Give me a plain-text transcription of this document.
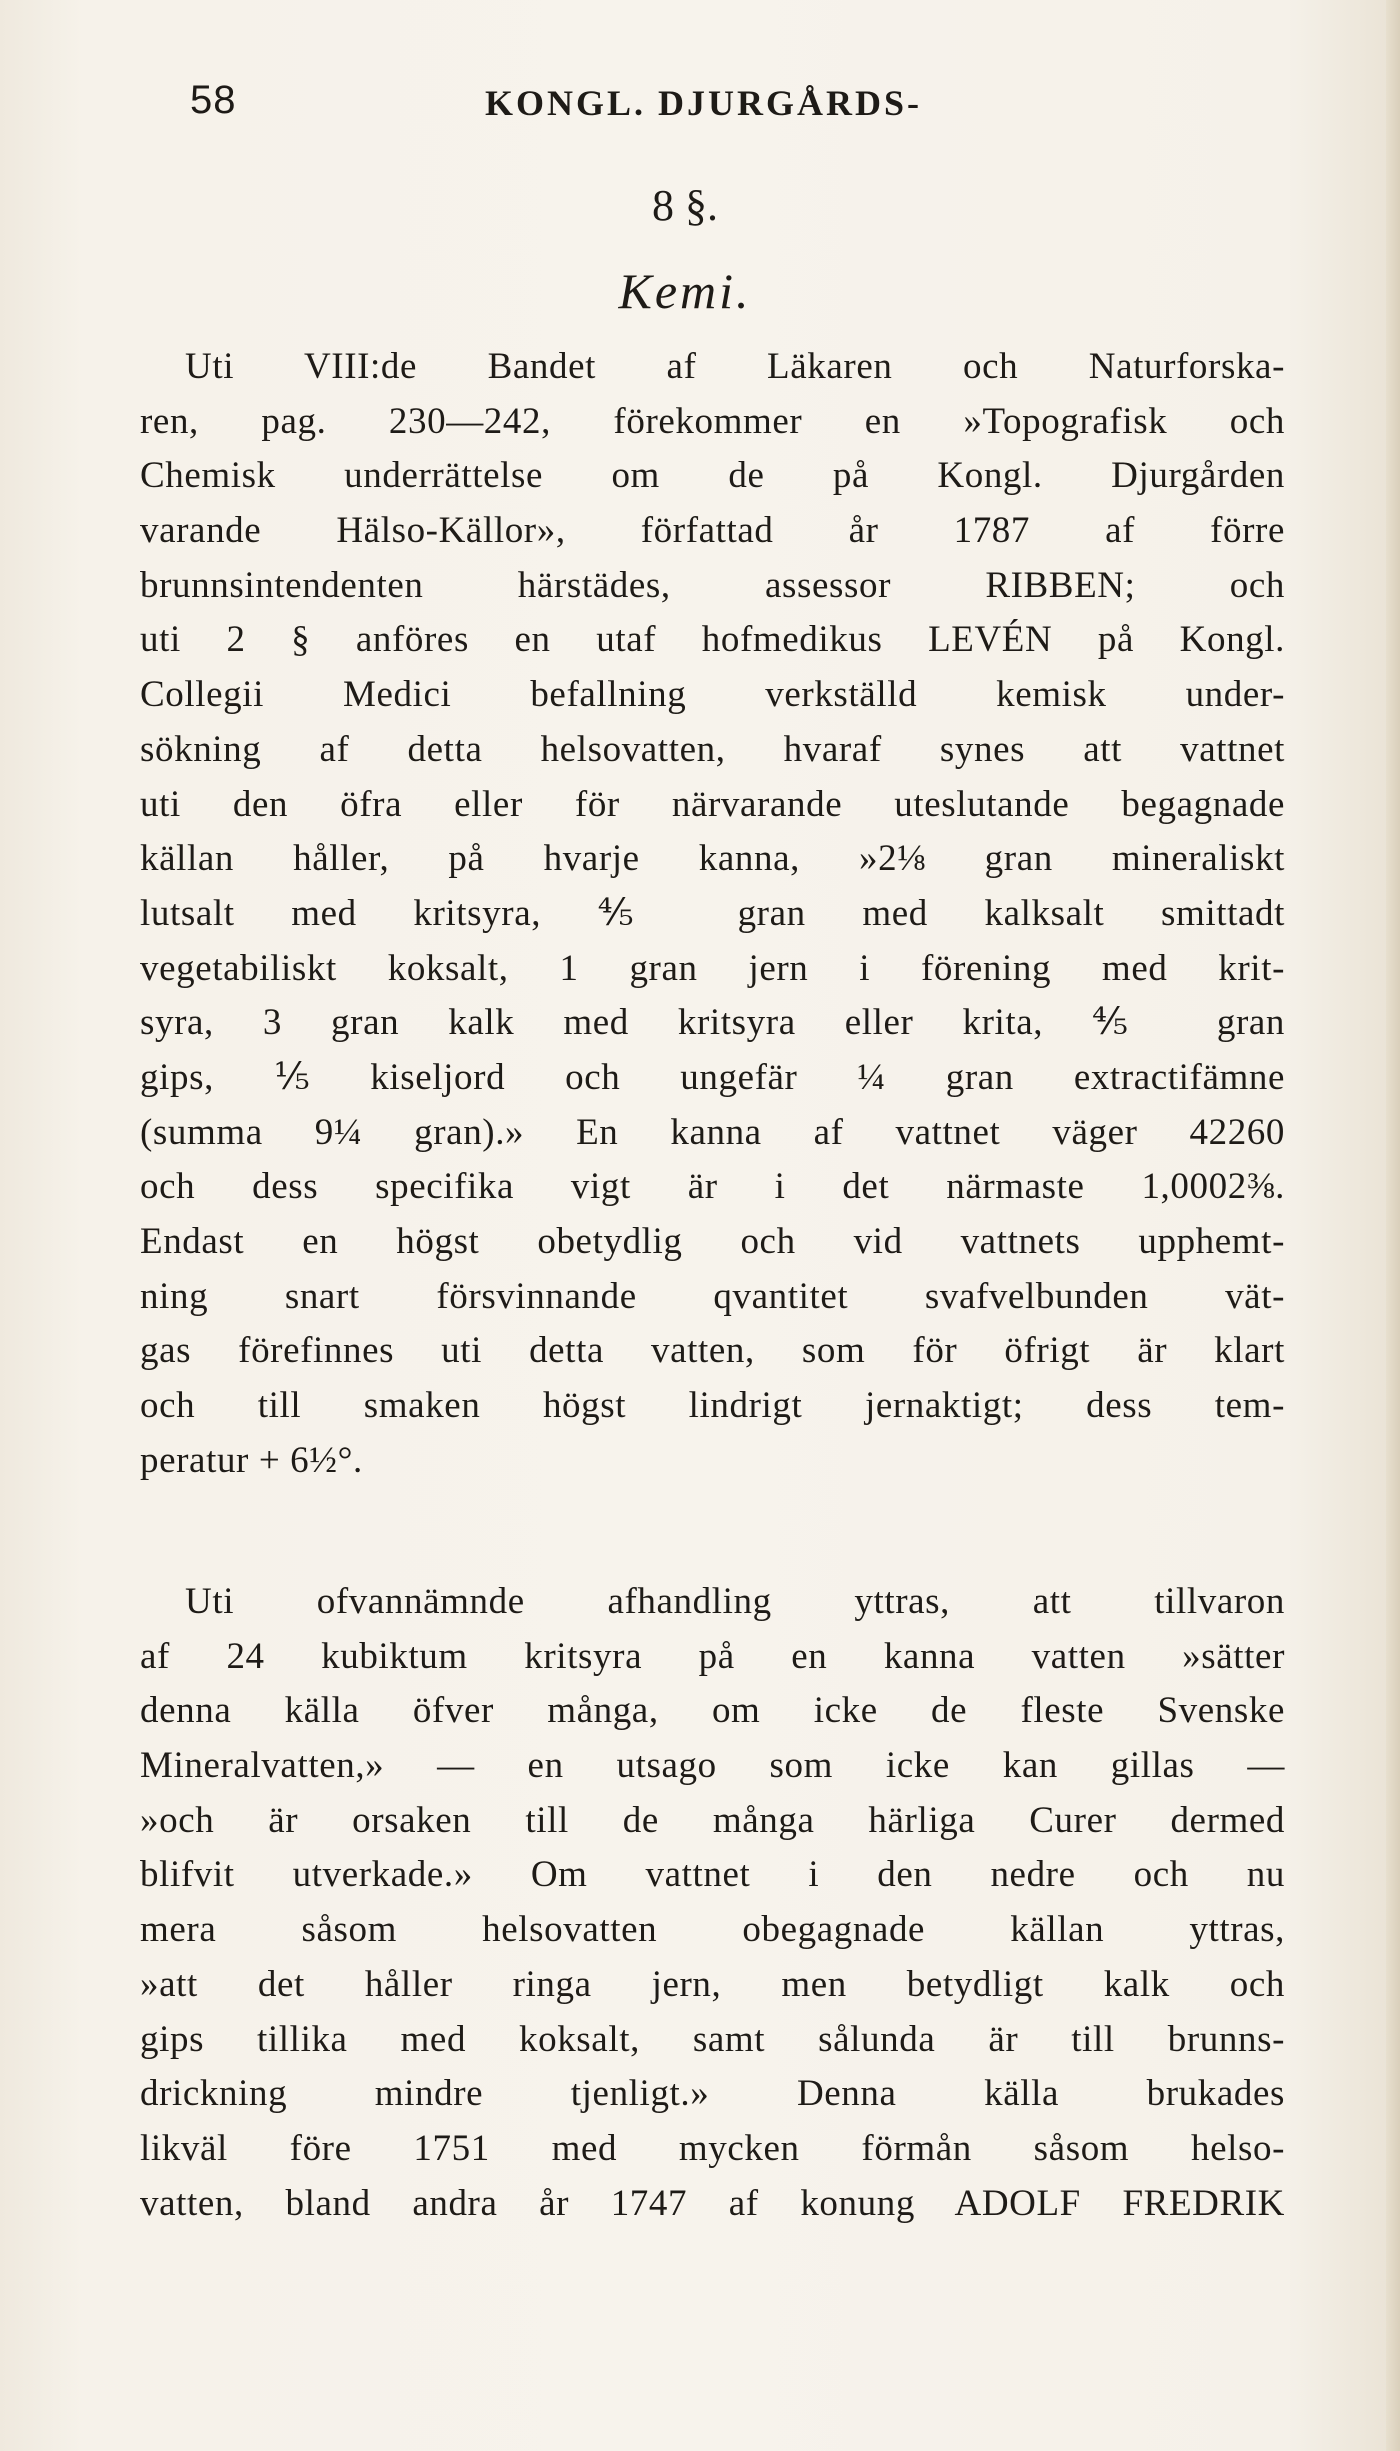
58	KONGL. DJURGÅRDS-
8 §.
Kemi.
Uti VIII:de Bandet af Läkaren och Naturforska-
ren, pag. 230—242, förekommer en »Topografisk och
Chemisk underrättelse om de på Kongl. Djurgården
varande Hälso-Källor», författad år 1787 af förre
brunnsintendenten härstädes, assessor RIBBEN; och
uti 2 § anföres en utaf hofmedikus LEVÉN på Kongl.
Collegii Medici befallning verkställd kemisk under-
sökning af detta helsovatten, hvaraf synes att vattnet
uti den öfra eller för närvarande uteslutande begagnade
källan håller, på hvarje kanna, »2⅛ gran mineraliskt
lutsalt med kritsyra, ⅘ gran med kalksalt smittadt
vegetabiliskt koksalt, 1 gran jern i förening med krit-
syra, 3 gran kalk med kritsyra eller krita, ⅘ gran
gips, ⅕ kiseljord och ungefär ¼ gran extractifämne
(summa 9¼ gran).» En kanna af vattnet väger 42260
och dess specifika vigt är i det närmaste 1,0002⅜.
Endast en högst obetydlig och vid vattnets upphemt-
ning snart försvinnande qvantitet svafvelbunden vät-
gas förefinnes uti detta vatten, som för öfrigt är klart
och till smaken högst lindrigt jernaktigt; dess tem-
peratur + 6½°.
Uti ofvannämnde afhandling yttras, att tillvaron
af 24 kubiktum kritsyra på en kanna vatten »sätter
denna källa öfver många, om icke de fleste Svenske
Mineralvatten,» — en utsago som icke kan gillas —
»och är orsaken till de många härliga Curer dermed
blifvit utverkade.» Om vattnet i den nedre och nu
mera såsom helsovatten obegagnade källan yttras,
»att det håller ringa jern, men betydligt kalk och
gips tillika med koksalt, samt sålunda är till brunns-
drickning mindre tjenligt.» Denna källa brukades
likväl före 1751 med mycken förmån såsom helso-
vatten, bland andra år 1747 af konung ADOLF FREDRIK
